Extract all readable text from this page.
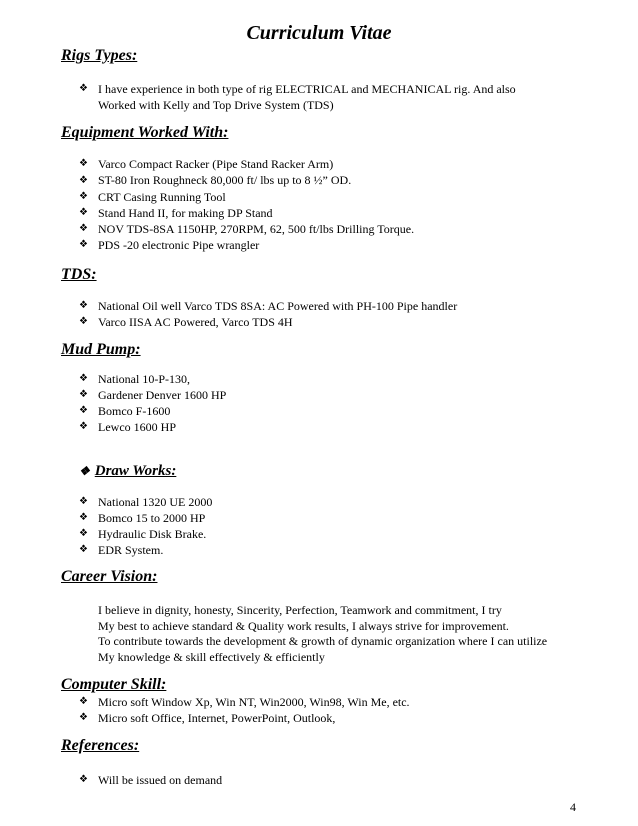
Curriculum Vitae
Rigs Types:
❖ I have experience in both type of rig ELECTRICAL and MECHANICAL rig. And also
Worked with Kelly and Top Drive System (TDS)
Equipment Worked With:
❖ Varco Compact Racker (Pipe Stand Racker Arm)
❖ ST-80 Iron Roughneck 80,000 ft/ lbs up to 8 ½” OD.
❖ CRT Casing Running Tool
❖ Stand Hand II, for making DP Stand
❖ NOV TDS-8SA 1150HP, 270RPM, 62, 500 ft/lbs Drilling Torque.
❖ PDS -20 electronic Pipe wrangler
TDS:
❖ National Oil well Varco TDS 8SA: AC Powered with PH-100 Pipe handler
❖ Varco IISA AC Powered, Varco TDS 4H
Mud Pump:
❖ National 10-P-130,
❖ Gardener Denver 1600 HP
❖ Bomco F-1600
❖ Lewco 1600 HP
❖ Draw Works:
❖ National 1320 UE 2000
❖ Bomco 15 to 2000 HP
❖ Hydraulic Disk Brake.
❖ EDR System.
Career Vision:
I believe in dignity, honesty, Sincerity, Perfection, Teamwork and commitment, I try
My best to achieve standard & Quality work results, I always strive for improvement.
To contribute towards the development & growth of dynamic organization where I can utilize
My knowledge & skill effectively & efficiently
Computer Skill:
❖ Micro soft Window Xp, Win NT, Win2000, Win98, Win Me, etc.
❖ Micro soft Office, Internet, PowerPoint, Outlook,
References:
❖ Will be issued on demand
4
